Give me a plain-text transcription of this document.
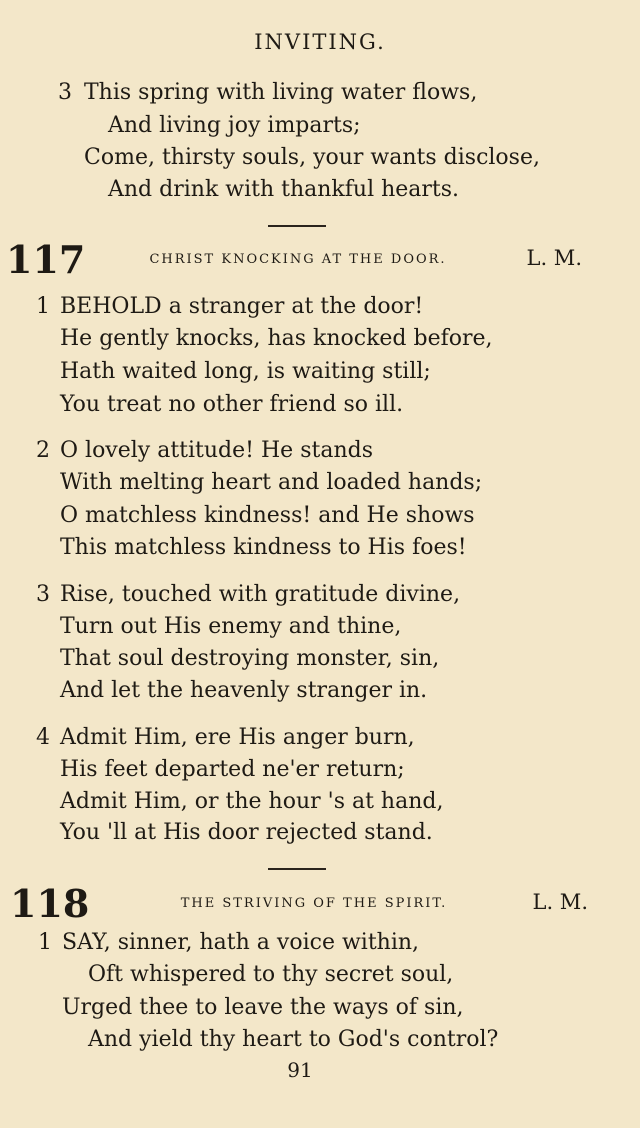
INVITING.
3 This spring with living water flows,
And living joy imparts;
Come, thirsty souls, your wants disclose,
And drink with thankful hearts.
117	CHRIST KNOCKING AT THE DOOR.	L. M.
1 BEHOLD a stranger at the door!
He gently knocks, has knocked before,
Hath waited long, is waiting still;
You treat no other friend so ill.
2 O lovely attitude! He stands
With melting heart and loaded hands;
O matchless kindness! and He shows
This matchless kindness to His foes!
3 Rise, touched with gratitude divine,
Turn out His enemy and thine,
That soul destroying monster, sin,
And let the heavenly stranger in.
4 Admit Him, ere His anger burn,
His feet departed ne'er return;
Admit Him, or the hour 's at hand,
You 'll at His door rejected stand.
118	THE STRIVING OF THE SPIRIT.	L. M.
1 SAY, sinner, hath a voice within,
Oft whispered to thy secret soul,
Urged thee to leave the ways of sin,
And yield thy heart to God's control?
91
